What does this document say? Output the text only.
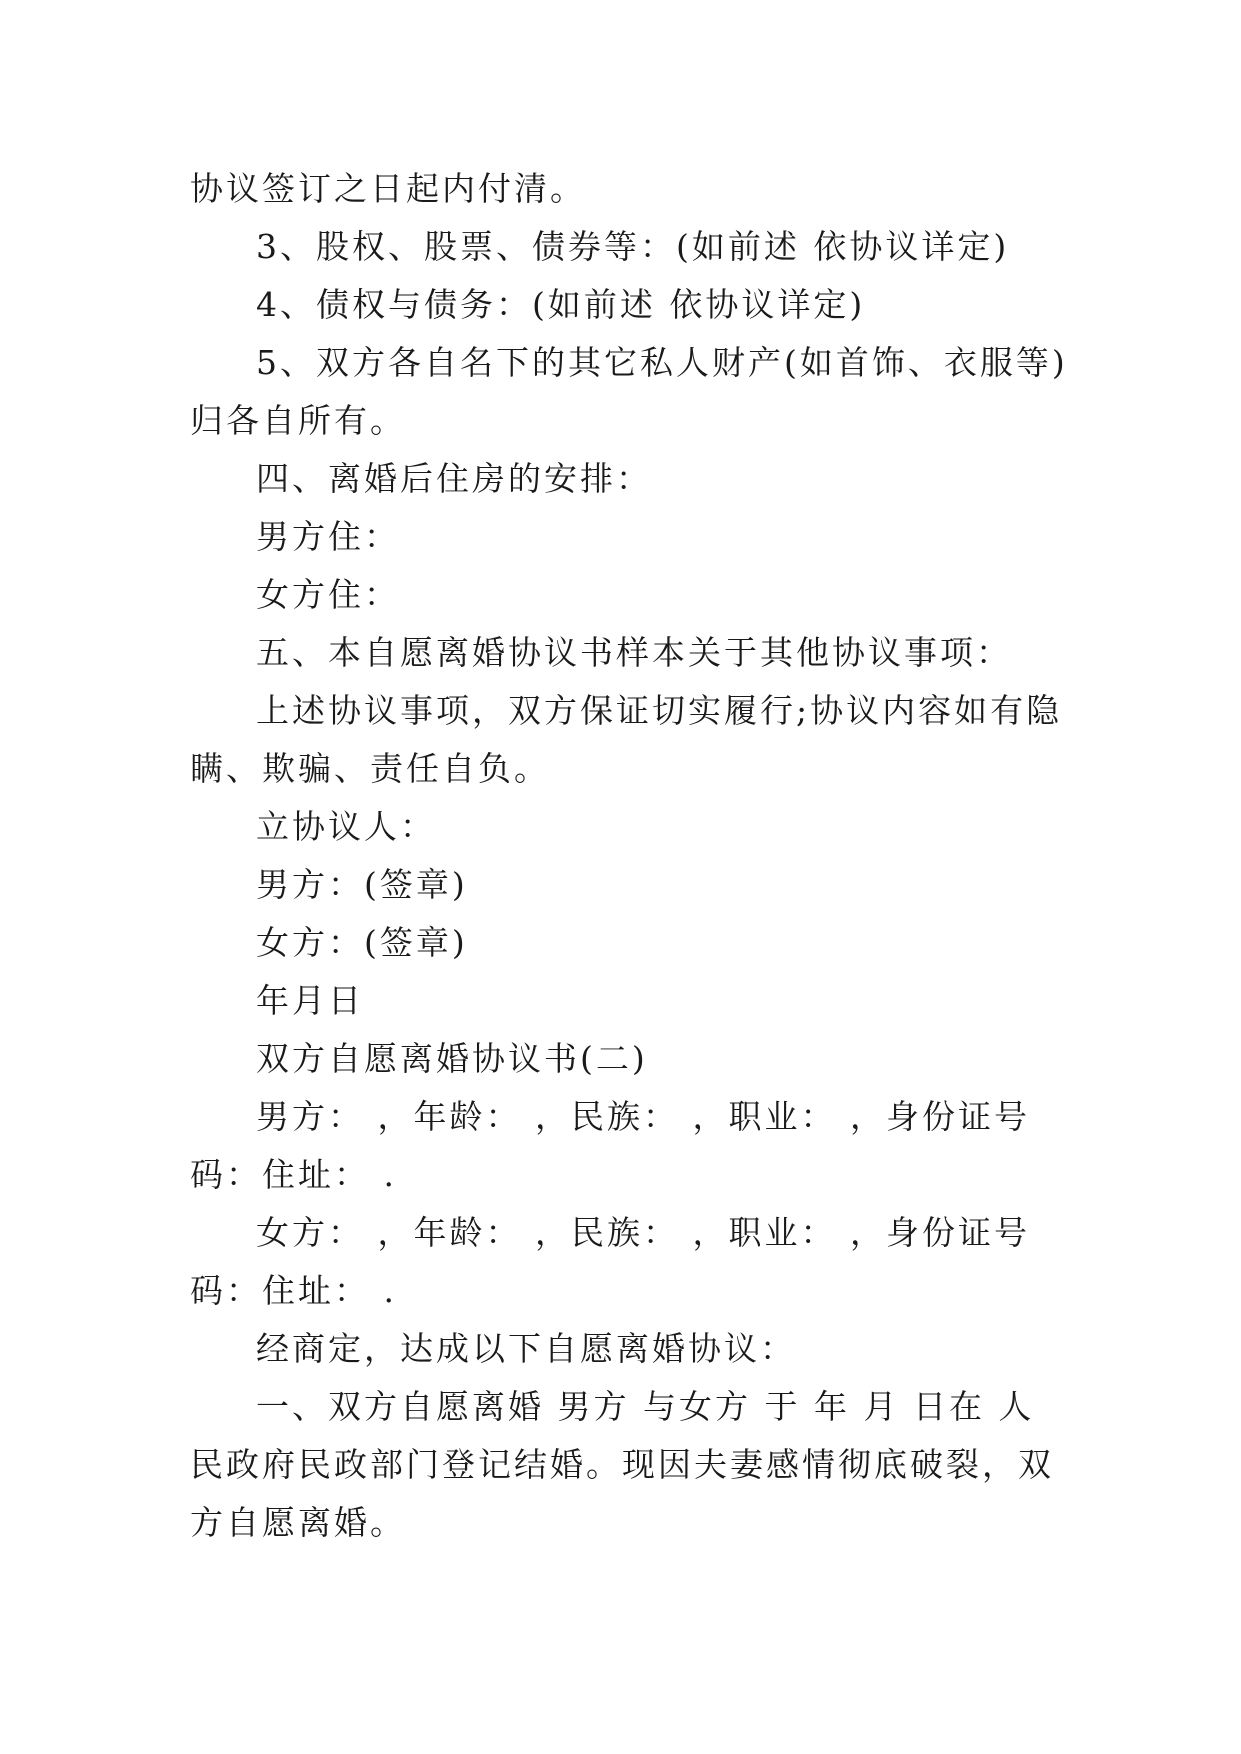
协议签订之日起内付清。

3、股权、股票、债券等：(如前述 依协议详定)

4、债权与债务：(如前述 依协议详定)

5、双方各自名下的其它私人财产(如首饰、衣服等)归各自所有。

四、离婚后住房的安排：

男方住：

女方住：

五、本自愿离婚协议书样本关于其他协议事项：

上述协议事项，双方保证切实履行;协议内容如有隐瞒、欺骗、责任自负。

立协议人：

男方：(签章)

女方：(签章)

年月日

双方自愿离婚协议书(二)

男方： ，年龄： ，民族： ，职业： ，身份证号码：住址： .

女方： ，年龄： ，民族： ，职业： ，身份证号码：住址： .

经商定，达成以下自愿离婚协议：

一、双方自愿离婚 男方 与女方 于 年 月 日在 人民政府民政部门登记结婚。现因夫妻感情彻底破裂，双方自愿离婚。
